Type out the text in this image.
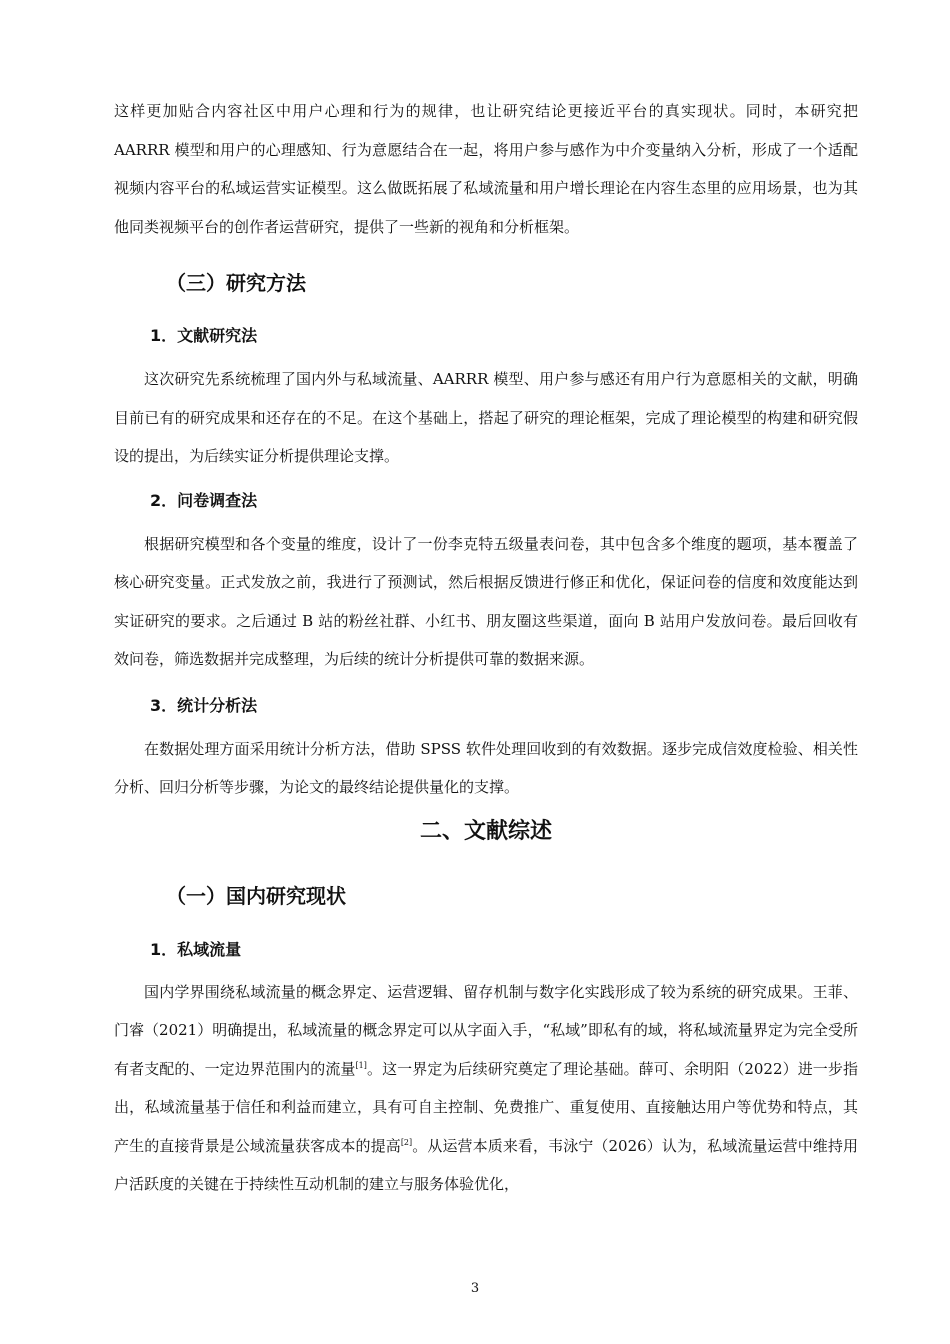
这样更加贴合内容社区中用户心理和行为的规律，也让研究结论更接近平台的真实现状。同时，本研究把 AARRR 模型和用户的心理感知、行为意愿结合在一起，将用户参与感作为中介变量纳入分析，形成了一个适配视频内容平台的私域运营实证模型。这么做既拓展了私域流量和用户增长理论在内容生态里的应用场景，也为其他同类视频平台的创作者运营研究，提供了一些新的视角和分析框架。

（三）研究方法
1．文献研究法

这次研究先系统梳理了国内外与私域流量、AARRR 模型、用户参与感还有用户行为意愿相关的文献，明确目前已有的研究成果和还存在的不足。在这个基础上，搭起了研究的理论框架，完成了理论模型的构建和研究假设的提出，为后续实证分析提供理论支撑。

2．问卷调查法

根据研究模型和各个变量的维度，设计了一份李克特五级量表问卷，其中包含多个维度的题项，基本覆盖了核心研究变量。正式发放之前，我进行了预测试，然后根据反馈进行修正和优化，保证问卷的信度和效度能达到实证研究的要求。之后通过 B 站的粉丝社群、小红书、朋友圈这些渠道，面向 B 站用户发放问卷。最后回收有效问卷，筛选数据并完成整理，为后续的统计分析提供可靠的数据来源。

3．统计分析法

在数据处理方面采用统计分析方法，借助 SPSS 软件处理回收到的有效数据。逐步完成信效度检验、相关性分析、回归分析等步骤，为论文的最终结论提供量化的支撑。

二、文献综述
（一）国内研究现状
1．私域流量

国内学界围绕私域流量的概念界定、运营逻辑、留存机制与数字化实践形成了较为系统的研究成果。王菲、门睿（2021）明确提出，私域流量的概念界定可以从字面入手，“私域”即私有的域，将私域流量界定为完全受所有者支配的、一定边界范围内的流量[1]。这一界定为后续研究奠定了理论基础。薛可、余明阳（2022）进一步指出，私域流量基于信任和利益而建立，具有可自主控制、免费推广、重复使用、直接触达用户等优势和特点，其产生的直接背景是公域流量获客成本的提高[2]。从运营本质来看，韦泳宁（2026）认为，私域流量运营中维持用户活跃度的关键在于持续性互动机制的建立与服务体验优化，

3
